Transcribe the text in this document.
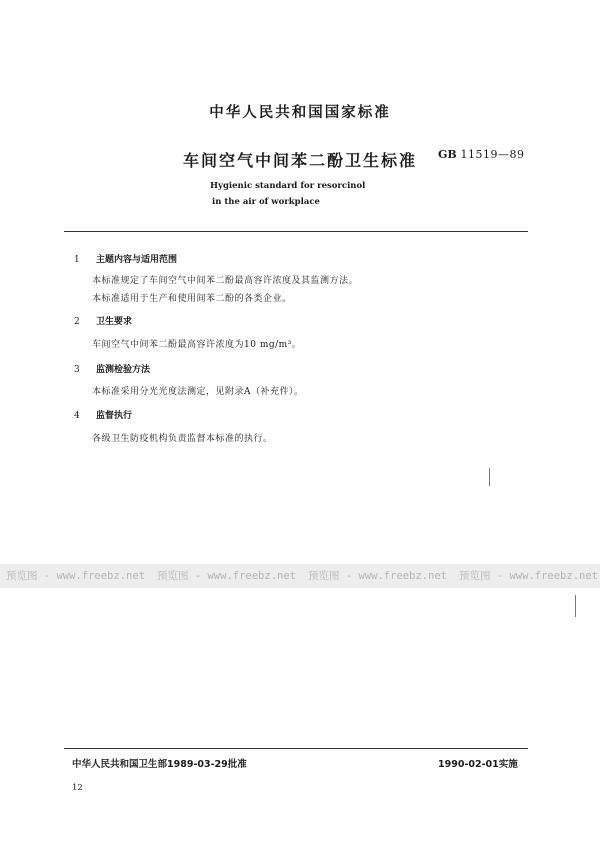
中华人民共和国国家标准
车间空气中间苯二酚卫生标准	GB 11519—89
Hygienic standard for resorcinol
in the air of workplace
1 主题内容与适用范围
本标准规定了车间空气中间苯二酚最高容许浓度及其监测方法。
本标准适用于生产和使用间苯二酚的各类企业。
2 卫生要求
车间空气中间苯二酚最高容许浓度为10 mg/m³。
3 监测检验方法
本标准采用分光光度法测定，见附录A（补充件）。
4 监督执行
各级卫生防疫机构负责监督本标准的执行。
预览图 - www.freebz.net 预览图 - www.freebz.net 预览图 - www.freebz.net 预览图 - www.freebz.net
中华人民共和国卫生部1989-03-29批准	1990-02-01实施
12
